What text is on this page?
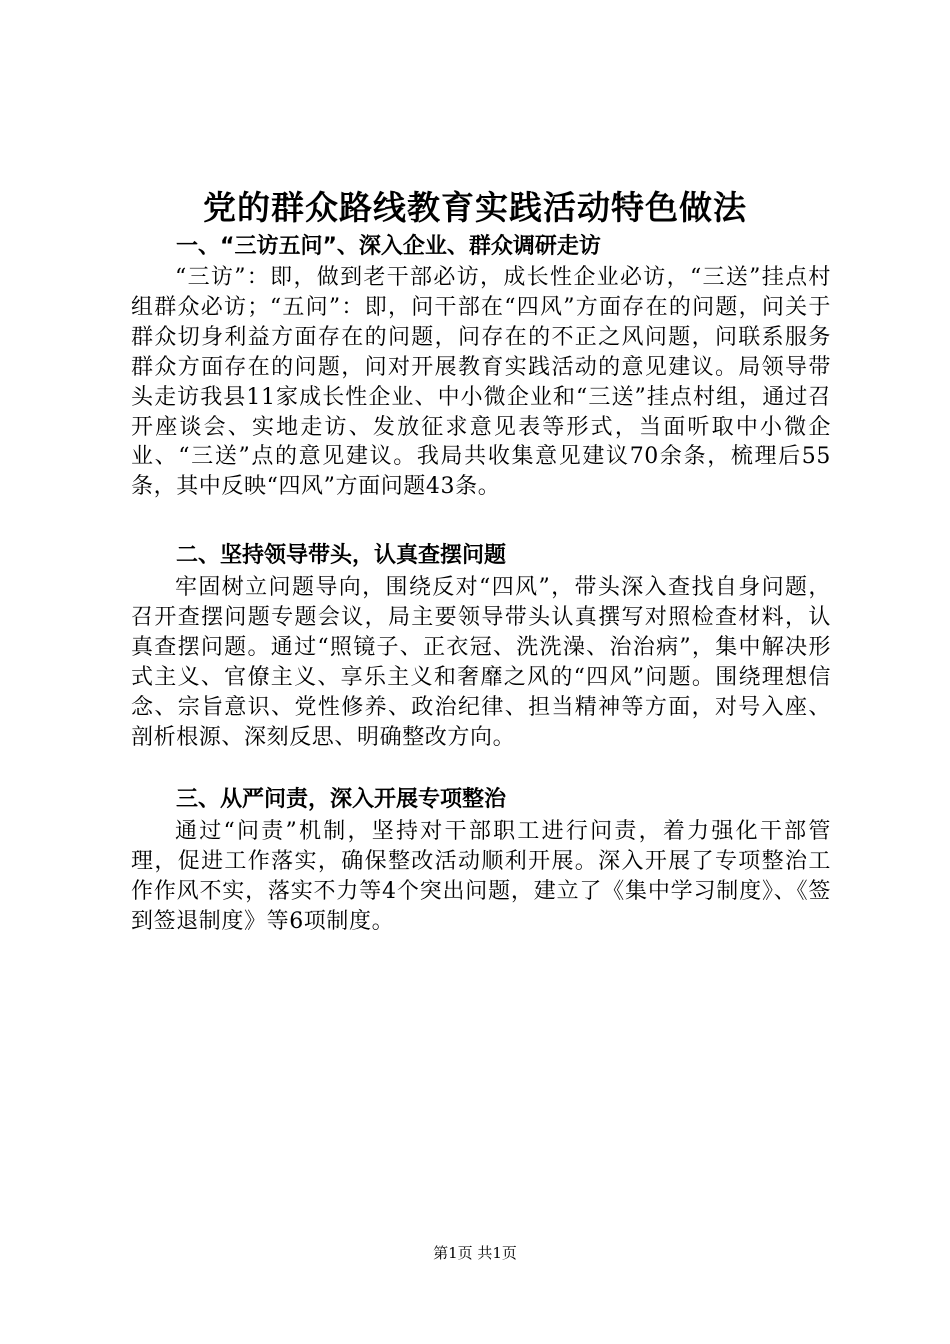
党的群众路线教育实践活动特色做法
一、“三访五问”、深入企业、群众调研走访

“三访”：即，做到老干部必访，成长性企业必访，“三送”挂点村组群众必访；“五问”：即，问干部在“四风”方面存在的问题，问关于群众切身利益方面存在的问题，问存在的不正之风问题，问联系服务群众方面存在的问题，问对开展教育实践活动的意见建议。局领导带头走访我县11家成长性企业、中小微企业和“三送”挂点村组，通过召开座谈会、实地走访、发放征求意见表等形式，当面听取中小微企业、“三送”点的意见建议。我局共收集意见建议70余条，梳理后55条，其中反映“四风”方面问题43条。

二、坚持领导带头，认真查摆问题

牢固树立问题导向，围绕反对“四风”，带头深入查找自身问题，召开查摆问题专题会议，局主要领导带头认真撰写对照检查材料，认真查摆问题。通过“照镜子、正衣冠、洗洗澡、治治病”，集中解决形式主义、官僚主义、享乐主义和奢靡之风的“四风”问题。围绕理想信念、宗旨意识、党性修养、政治纪律、担当精神等方面，对号入座、剖析根源、深刻反思、明确整改方向。

三、从严问责，深入开展专项整治

通过“问责”机制，坚持对干部职工进行问责，着力强化干部管理，促进工作落实，确保整改活动顺利开展。深入开展了专项整治工作作风不实，落实不力等4个突出问题，建立了《集中学习制度》、《签到签退制度》等6项制度。

第1页 共1页
